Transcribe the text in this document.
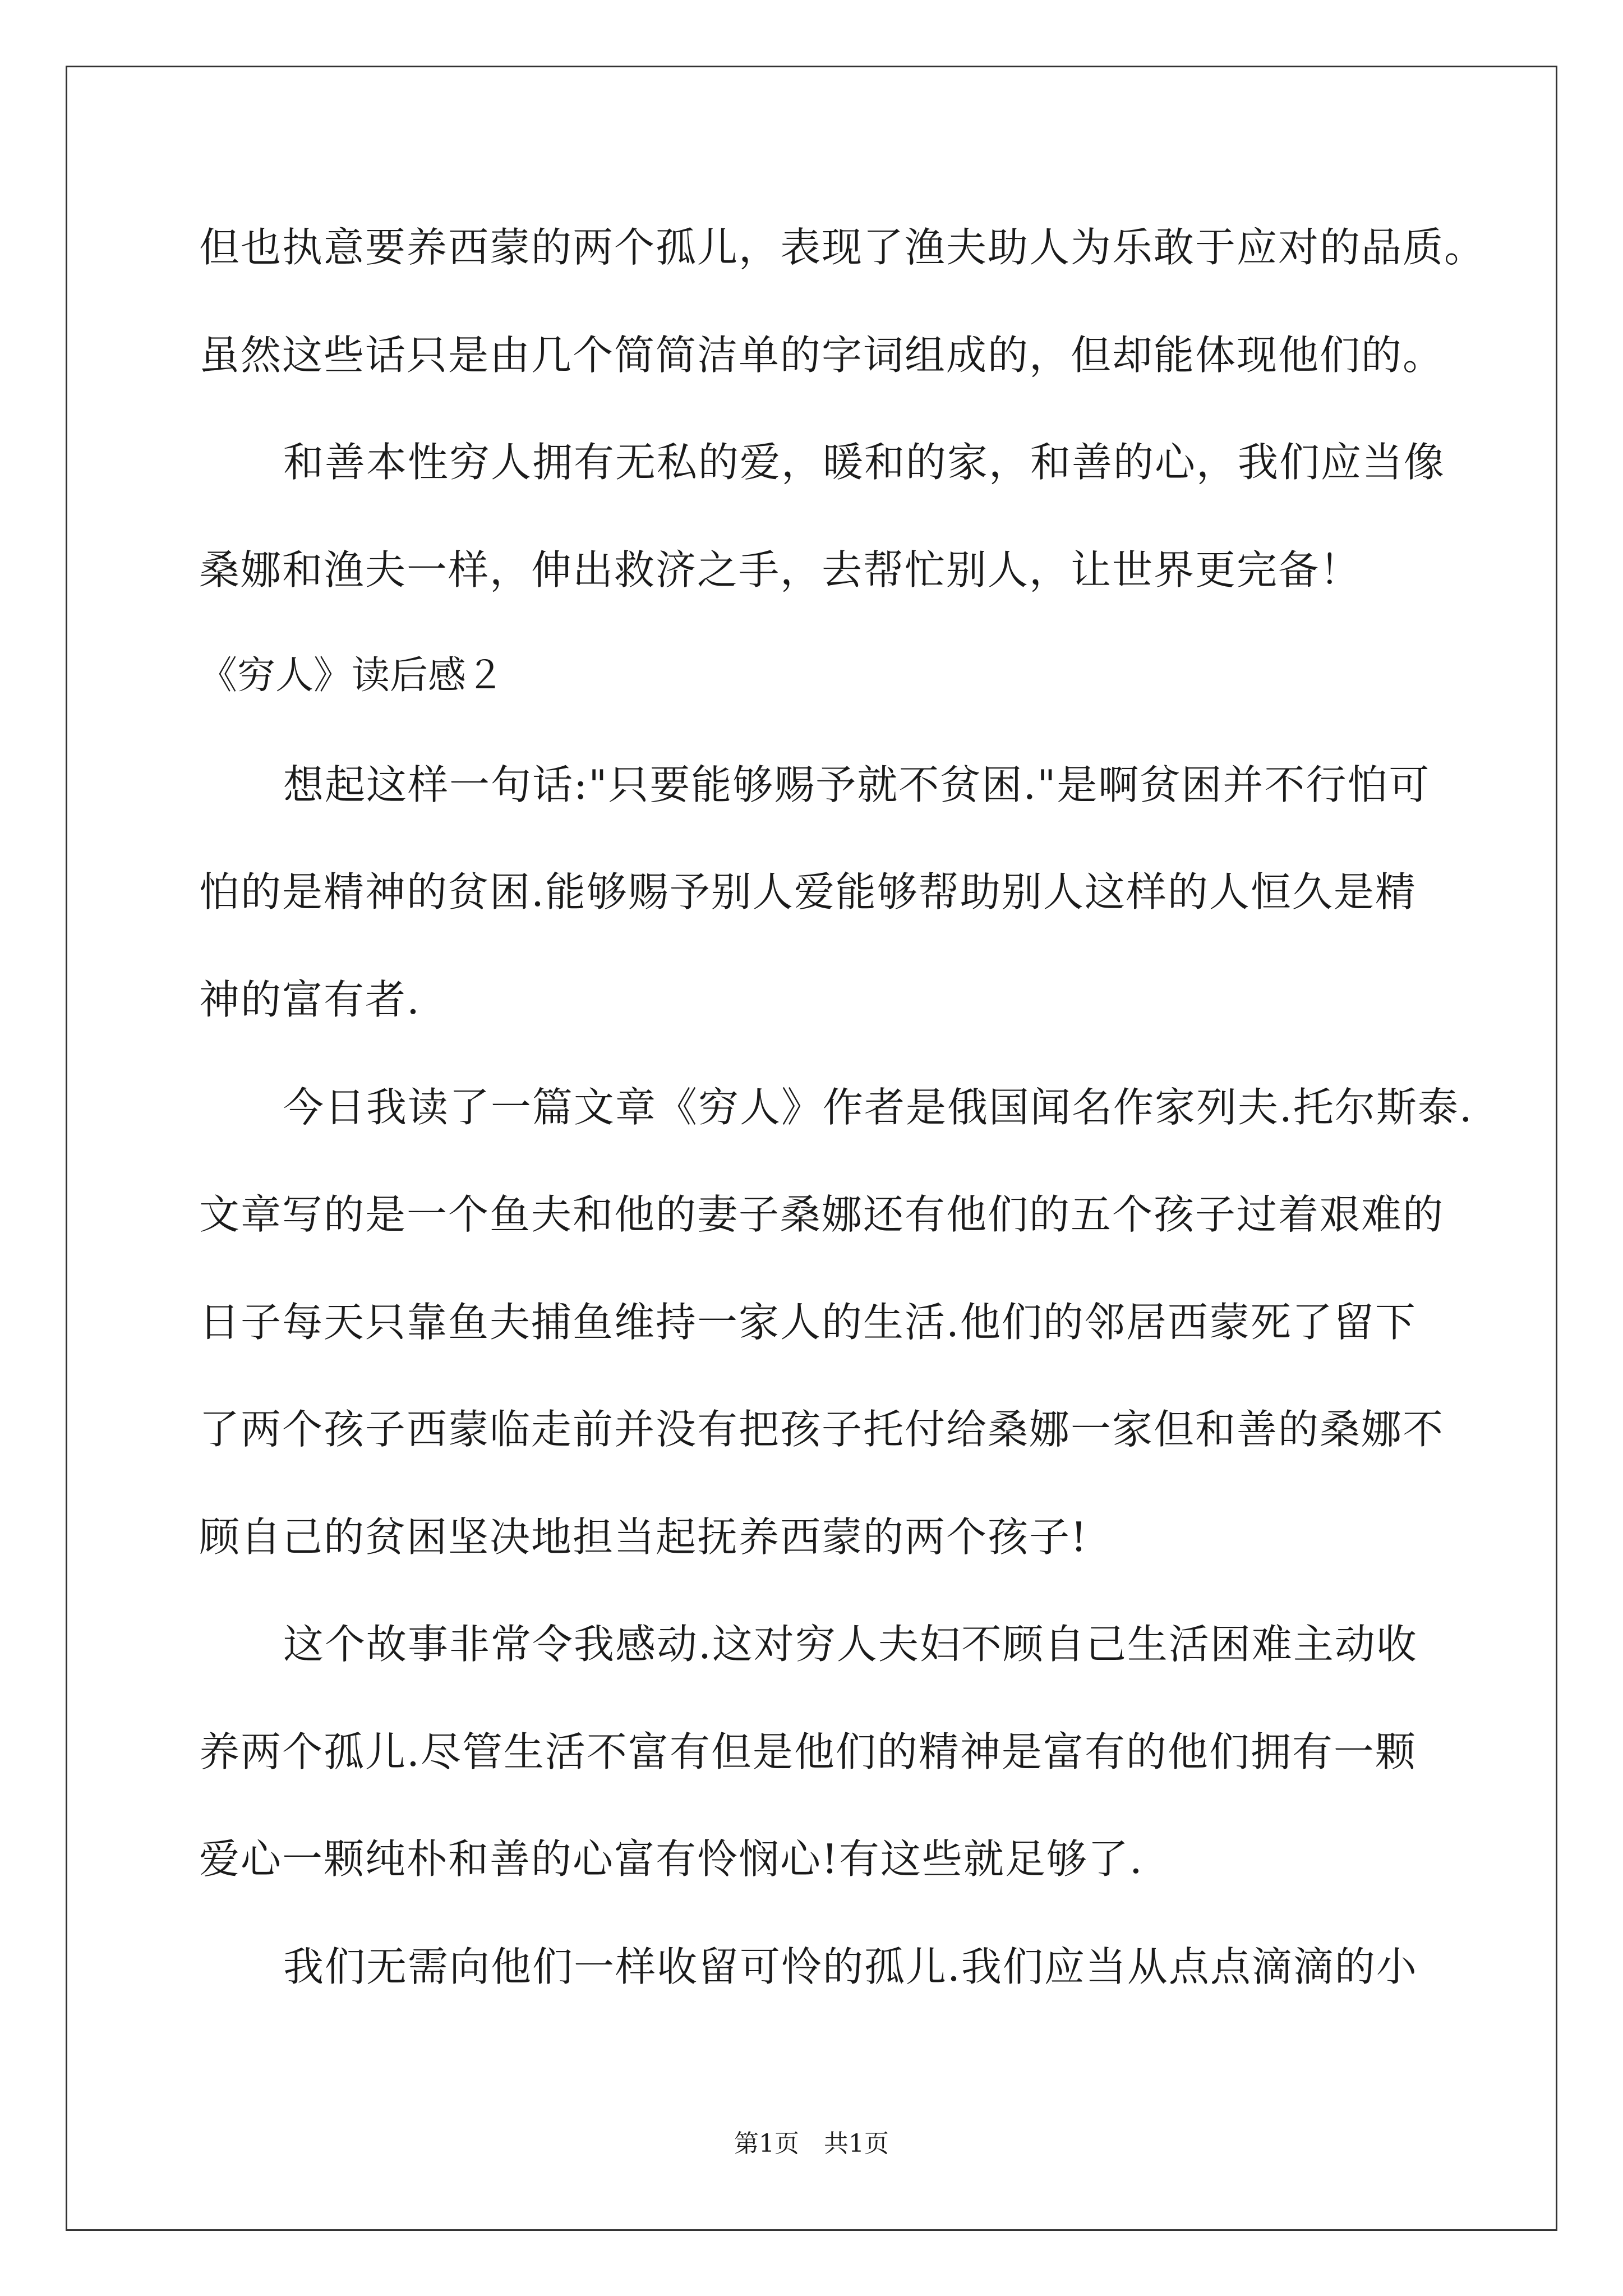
但也执意要养西蒙的两个孤儿，表现了渔夫助人为乐敢于应对的品质。
虽然这些话只是由几个简简洁单的字词组成的，但却能体现他们的。
和善本性穷人拥有无私的爱，暖和的家，和善的心，我们应当像
桑娜和渔夫一样，伸出救济之手，去帮忙别人，让世界更完备！
《穷人》读后感２
想起这样一句话:"只要能够赐予就不贫困."是啊贫困并不行怕可
怕的是精神的贫困.能够赐予别人爱能够帮助别人这样的人恒久是精
神的富有者.
今日我读了一篇文章《穷人》作者是俄国闻名作家列夫.托尔斯泰.
文章写的是一个鱼夫和他的妻子桑娜还有他们的五个孩子过着艰难的
日子每天只靠鱼夫捕鱼维持一家人的生活.他们的邻居西蒙死了留下
了两个孩子西蒙临走前并没有把孩子托付给桑娜一家但和善的桑娜不
顾自己的贫困坚决地担当起抚养西蒙的两个孩子!
这个故事非常令我感动.这对穷人夫妇不顾自己生活困难主动收
养两个孤儿.尽管生活不富有但是他们的精神是富有的他们拥有一颗
爱心一颗纯朴和善的心富有怜悯心!有这些就足够了.
我们无需向他们一样收留可怜的孤儿.我们应当从点点滴滴的小
第1页　共1页
